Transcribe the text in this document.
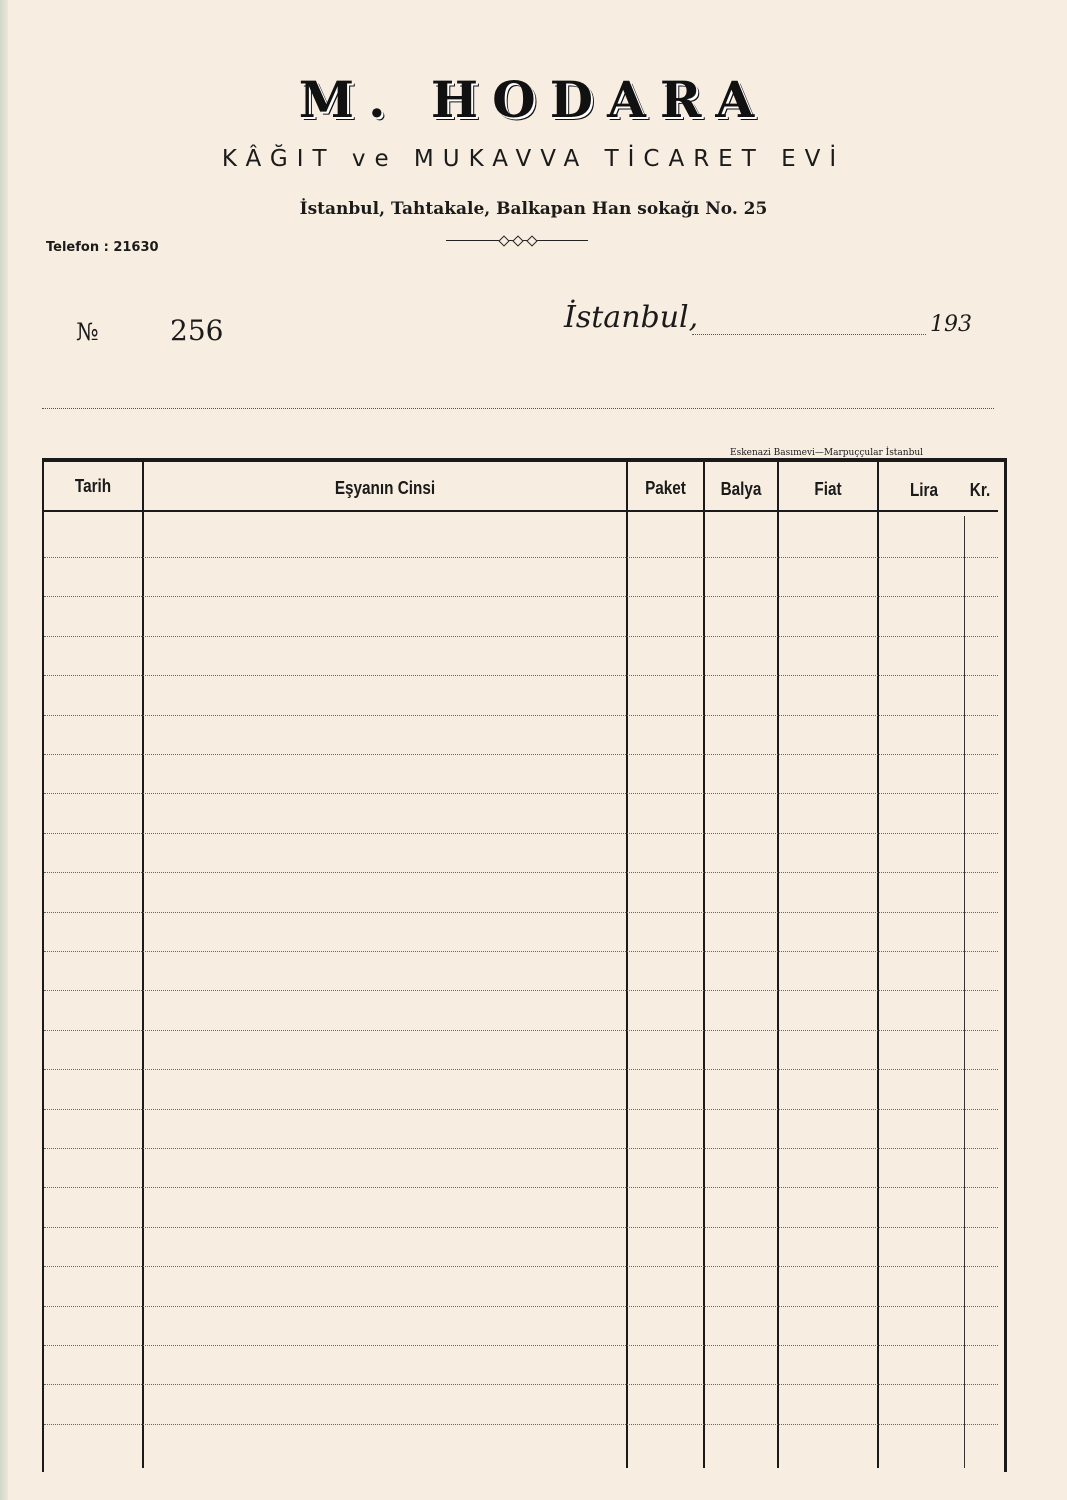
M. HODARA
KÂĞIT ve MUKAVVA TİCARET EVİ
İstanbul, Tahtakale, Balkapan Han sokağı No. 25
Telefon : 21630
№	256	İstanbul,	193
Eskenazi Basımevi—Marpuççular İstanbul
Tarih	Eşyanın Cinsi	Paket	Balya	Fiat	Lira	Kr.
